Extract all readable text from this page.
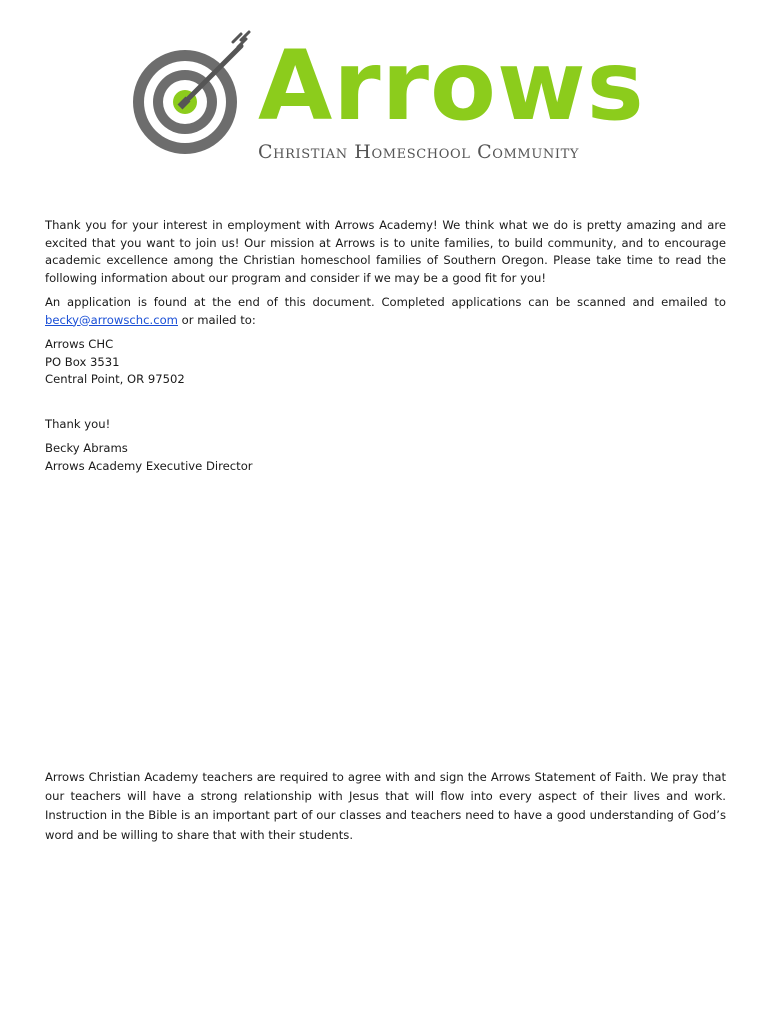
Arrows
Christian Homeschool Community

Thank you for your interest in employment with Arrows Academy! We think what we do is pretty amazing and are excited that you want to join us! Our mission at Arrows is to unite families, to build community, and to encourage academic excellence among the Christian homeschool families of Southern Oregon. Please take time to read the following information about our program and consider if we may be a good fit for you!

An application is found at the end of this document. Completed applications can be scanned and emailed to becky@arrowschc.com or mailed to:

Arrows CHC
PO Box 3531
Central Point, OR 97502
Thank you!
Becky Abrams
Arrows Academy Executive Director
Arrows Christian Academy teachers are required to agree with and sign the Arrows Statement of Faith. We pray that our teachers will have a strong relationship with Jesus that will flow into every aspect of their lives and work. Instruction in the Bible is an important part of our classes and teachers need to have a good understanding of God’s word and be willing to share that with their students.
